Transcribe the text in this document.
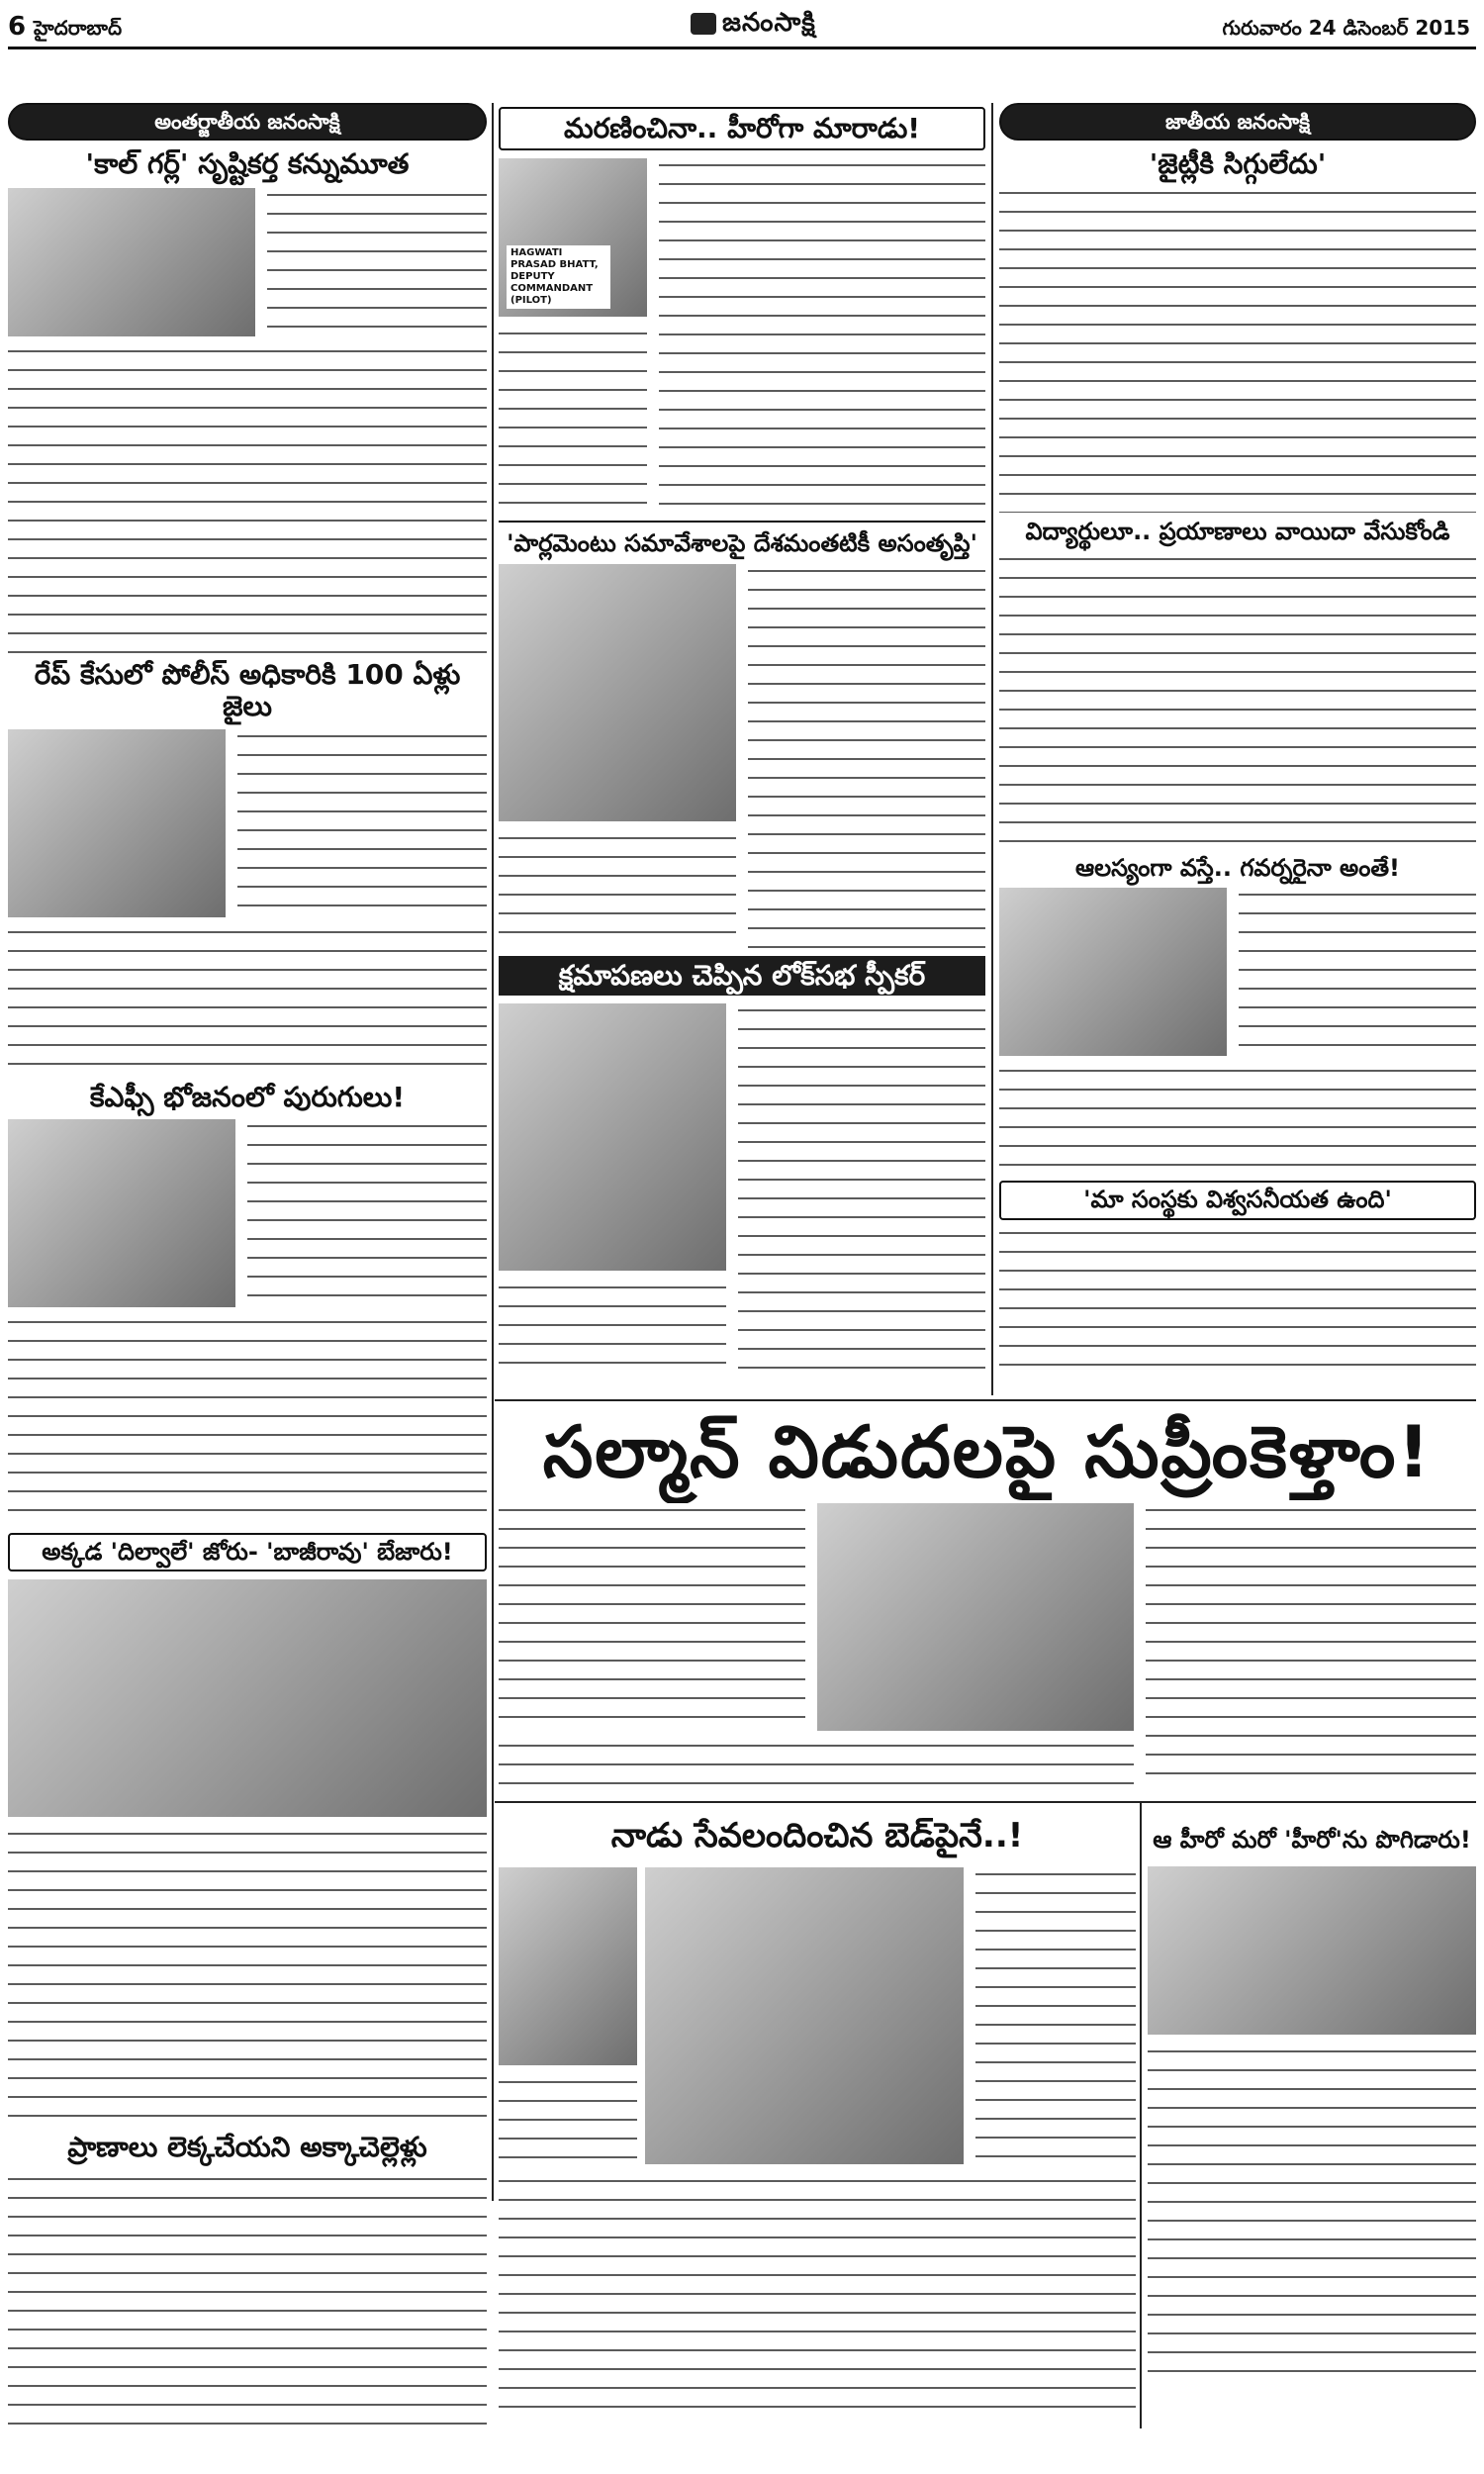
6 హైదరాబాద్	జనంసాక్షి	గురువారం 24 డిసెంబర్ 2015
అంతర్జాతీయ జనంసాక్షి
'కాల్ గర్ల్' సృష్టికర్త కన్నుమూత
రేప్ కేసులో పోలీస్ అధికారికి 100 ఏళ్లు జైలు
కేఎఫ్సీ భోజనంలో పురుగులు!
అక్కడ 'దిల్వాలే' జోరు- 'బాజీరావు' బేజారు!
ప్రాణాలు లెక్కచేయని అక్కాచెల్లెళ్లు
మరణించినా.. హీరోగా మారాడు!
HAGWATI PRASAD BHATT, DEPUTY COMMANDANT (PILOT)
'పార్లమెంటు సమావేశాలపై దేశమంతటికీ అసంతృప్తి'
క్షమాపణలు చెప్పిన లోక్‌సభ స్పీకర్
జాతీయ జనంసాక్షి
'జైట్లీకి సిగ్గులేదు'
విద్యార్థులూ.. ప్రయాణాలు వాయిదా వేసుకోండి
ఆలస్యంగా వస్తే.. గవర్నరైనా అంతే!
'మా సంస్థకు విశ్వసనీయత ఉంది'
సల్మాన్ విడుదలపై సుప్రీంకెళ్తాం!
నాడు సేవలందించిన బెడ్‌పైనే..!	ఆ హీరో మరో 'హీరో'ను పొగిడారు!
